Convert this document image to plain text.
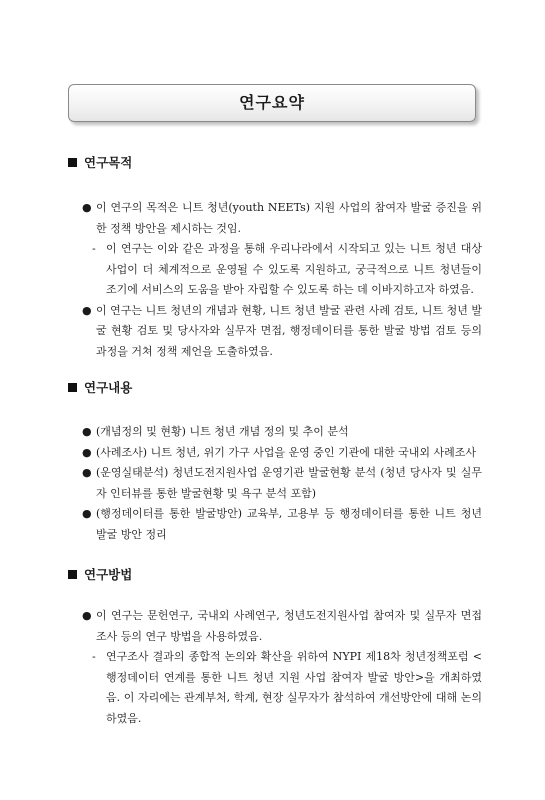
연구요약
연구목적
● 이 연구의 목적은 니트 청년(youth NEETs) 지원 사업의 참여자 발굴 증진을 위한 정책 방안을 제시하는 것임.
- 이 연구는 이와 같은 과정을 통해 우리나라에서 시작되고 있는 니트 청년 대상 사업이 더 체계적으로 운영될 수 있도록 지원하고, 궁극적으로 니트 청년들이 조기에 서비스의 도움을 받아 자립할 수 있도록 하는 데 이바지하고자 하였음.
● 이 연구는 니트 청년의 개념과 현황, 니트 청년 발굴 관련 사례 검토, 니트 청년 발굴 현황 검토 및 당사자와 실무자 면접, 행정데이터를 통한 발굴 방법 검토 등의 과정을 거쳐 정책 제언을 도출하였음.
연구내용
● (개념정의 및 현황) 니트 청년 개념 정의 및 추이 분석
● (사례조사) 니트 청년, 위기 가구 사업을 운영 중인 기관에 대한 국내외 사례조사
● (운영실태분석) 청년도전지원사업 운영기관 발굴현황 분석 (청년 당사자 및 실무자 인터뷰를 통한 발굴현황 및 욕구 분석 포함)
● (행정데이터를 통한 발굴방안) 교육부, 고용부 등 행정데이터를 통한 니트 청년 발굴 방안 정리
연구방법
● 이 연구는 문헌연구, 국내외 사례연구, 청년도전지원사업 참여자 및 실무자 면접조사 등의 연구 방법을 사용하였음.
- 연구조사 결과의 종합적 논의와 확산을 위하여 NYPI 제18차 청년정책포럼 <행정데이터 연계를 통한 니트 청년 지원 사업 참여자 발굴 방안>을 개최하였음. 이 자리에는 관계부처, 학계, 현장 실무자가 참석하여 개선방안에 대해 논의하였음.
